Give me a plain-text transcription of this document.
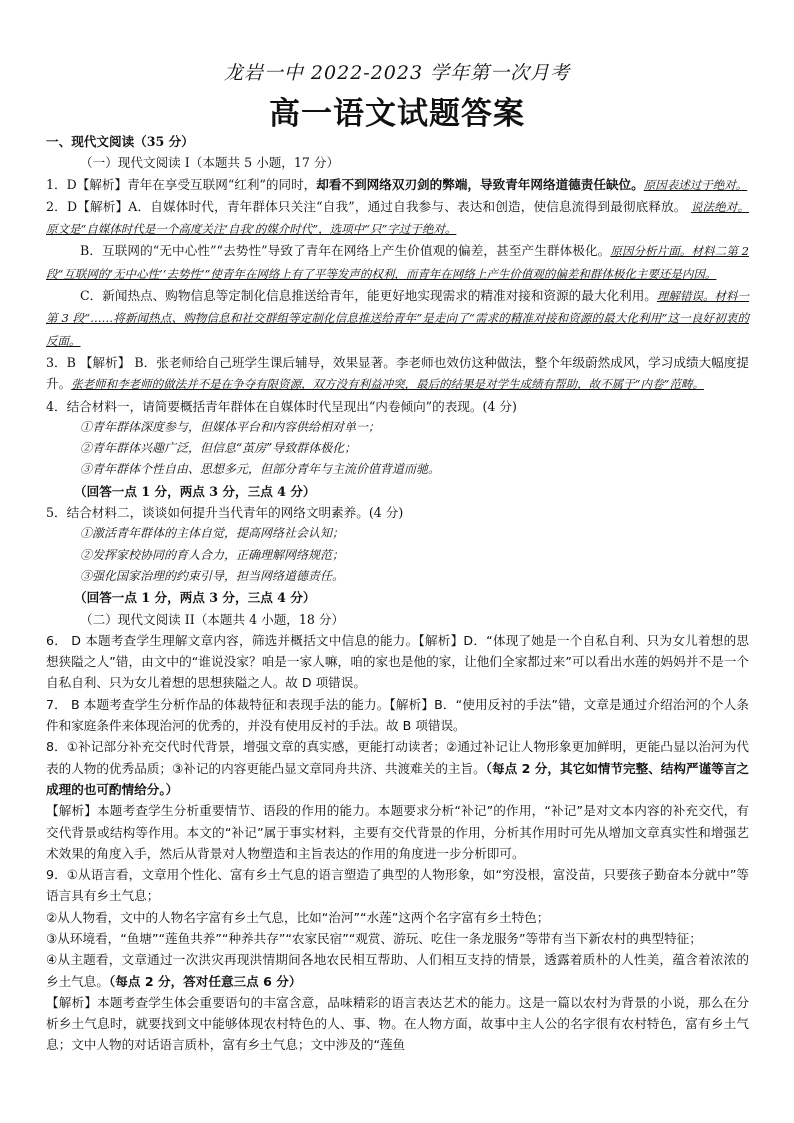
龙岩一中 2022-2023 学年第一次月考
高一语文试题答案

一、现代文阅读（35 分）

（一）现代文阅读 I（本题共 5 小题，17 分）

1．D【解析】青年在享受互联网“红利”的同时，却看不到网络双刃剑的弊端，导致青年网络道德责任缺位。原因表述过于绝对。

2．D【解析】A．自媒体时代，青年群体只关注“自我”，通过自我参与、表达和创造，使信息流得到最彻底释放。 说法绝对。原文是“自媒体时代是一个高度关注‘自我’的媒介时代”，选项中“只”字过于绝对。

B．互联网的“无中心性”“去势性”导致了青年在网络上产生价值观的偏差，甚至产生群体极化。原因分析片面。材料二第 2 段“互联网的‘无中心性’‘去势性’”使青年在网络上有了平等发声的权利，而青年在网络上产生价值观的偏差和群体极化主要还是内因。

C．新闻热点、购物信息等定制化信息推送给青年，能更好地实现需求的精准对接和资源的最大化利用。理解错误。材料一第 3 段“……将新闻热点、购物信息和社交群组等定制化信息推送给青年”是走向了“需求的精准对接和资源的最大化利用”这一良好初衷的反面。

3．B 【解析】 B．张老师给自己班学生课后辅导，效果显著。李老师也效仿这种做法，整个年级蔚然成风，学习成绩大幅度提升。张老师和李老师的做法并不是在争夺有限资源，双方没有利益冲突，最后的结果是对学生成绩有帮助，故不属于“内卷”范畴。

4．结合材料一，请简要概括青年群体在自媒体时代呈现出“内卷倾向”的表现。(4 分)

①青年群体深度参与，但媒体平台和内容供给相对单一；

②青年群体兴趣广泛，但信息“茧房”导致群体极化；

③青年群体个性自由、思想多元，但部分青年与主流价值背道而驰。

（回答一点 1 分，两点 3 分，三点 4 分）

5．结合材料二，谈谈如何提升当代青年的网络文明素养。(4 分)

①激活青年群体的主体自觉，提高网络社会认知；

②发挥家校协同的育人合力，正确理解网络规范；

③强化国家治理的约束引导，担当网络道德责任。

（回答一点 1 分，两点 3 分，三点 4 分）

（二）现代文阅读 II（本题共 4 小题，18 分）

6． D 本题考查学生理解文章内容，筛选并概括文中信息的能力。【解析】D．“体现了她是一个自私自利、只为女儿着想的思想狭隘之人”错，由文中的“谁说没家？咱是一家人嘛，咱的家也是他的家，让他们全家都过来”可以看出水莲的妈妈并不是一个自私自利、只为女儿着想的思想狭隘之人。故 D 项错误。

7． B 本题考查学生分析作品的体裁特征和表现手法的能力。【解析】B．“使用反衬的手法”错，文章是通过介绍治河的个人条件和家庭条件来体现治河的优秀的，并没有使用反衬的手法。故 B 项错误。

8．①补记部分补充交代时代背景，增强文章的真实感，更能打动读者；②通过补记让人物形象更加鲜明，更能凸显以治河为代表的人物的优秀品质；③补记的内容更能凸显文章同舟共济、共渡难关的主旨。（每点 2 分，其它如情节完整、结构严谨等言之成理的也可酌情给分。）

【解析】本题考查学生分析重要情节、语段的作用的能力。本题要求分析“补记”的作用，“补记”是对文本内容的补充交代，有交代背景或结构等作用。本文的“补记”属于事实材料，主要有交代背景的作用，分析其作用时可先从增加文章真实性和增强艺术效果的角度入手，然后从背景对人物塑造和主旨表达的作用的角度进一步分析即可。

9．①从语言看，文章用个性化、富有乡土气息的语言塑造了典型的人物形象，如“穷没根，富没苗，只要孩子勤奋本分就中”等语言具有乡土气息；

②从人物看，文中的人物名字富有乡土气息，比如“治河”“水莲”这两个名字富有乡土特色；

③从环境看，“鱼塘”“莲鱼共养”“种养共存”“农家民宿”“观赏、游玩、吃住一条龙服务”等带有当下新农村的典型特征；

④从主题看，文章通过一次洪灾再现洪情期间各地农民相互帮助、人们相互支持的情景，透露着质朴的人性美，蕴含着浓浓的乡土气息。（每点 2 分，答对任意三点 6 分）

【解析】本题考查学生体会重要语句的丰富含意，品味精彩的语言表达艺术的能力。这是一篇以农村为背景的小说，那么在分析乡土气息时，就要找到文中能够体现农村特色的人、事、物。在人物方面，故事中主人公的名字很有农村特色，富有乡土气息；文中人物的对话语言质朴，富有乡土气息；文中涉及的“莲鱼
